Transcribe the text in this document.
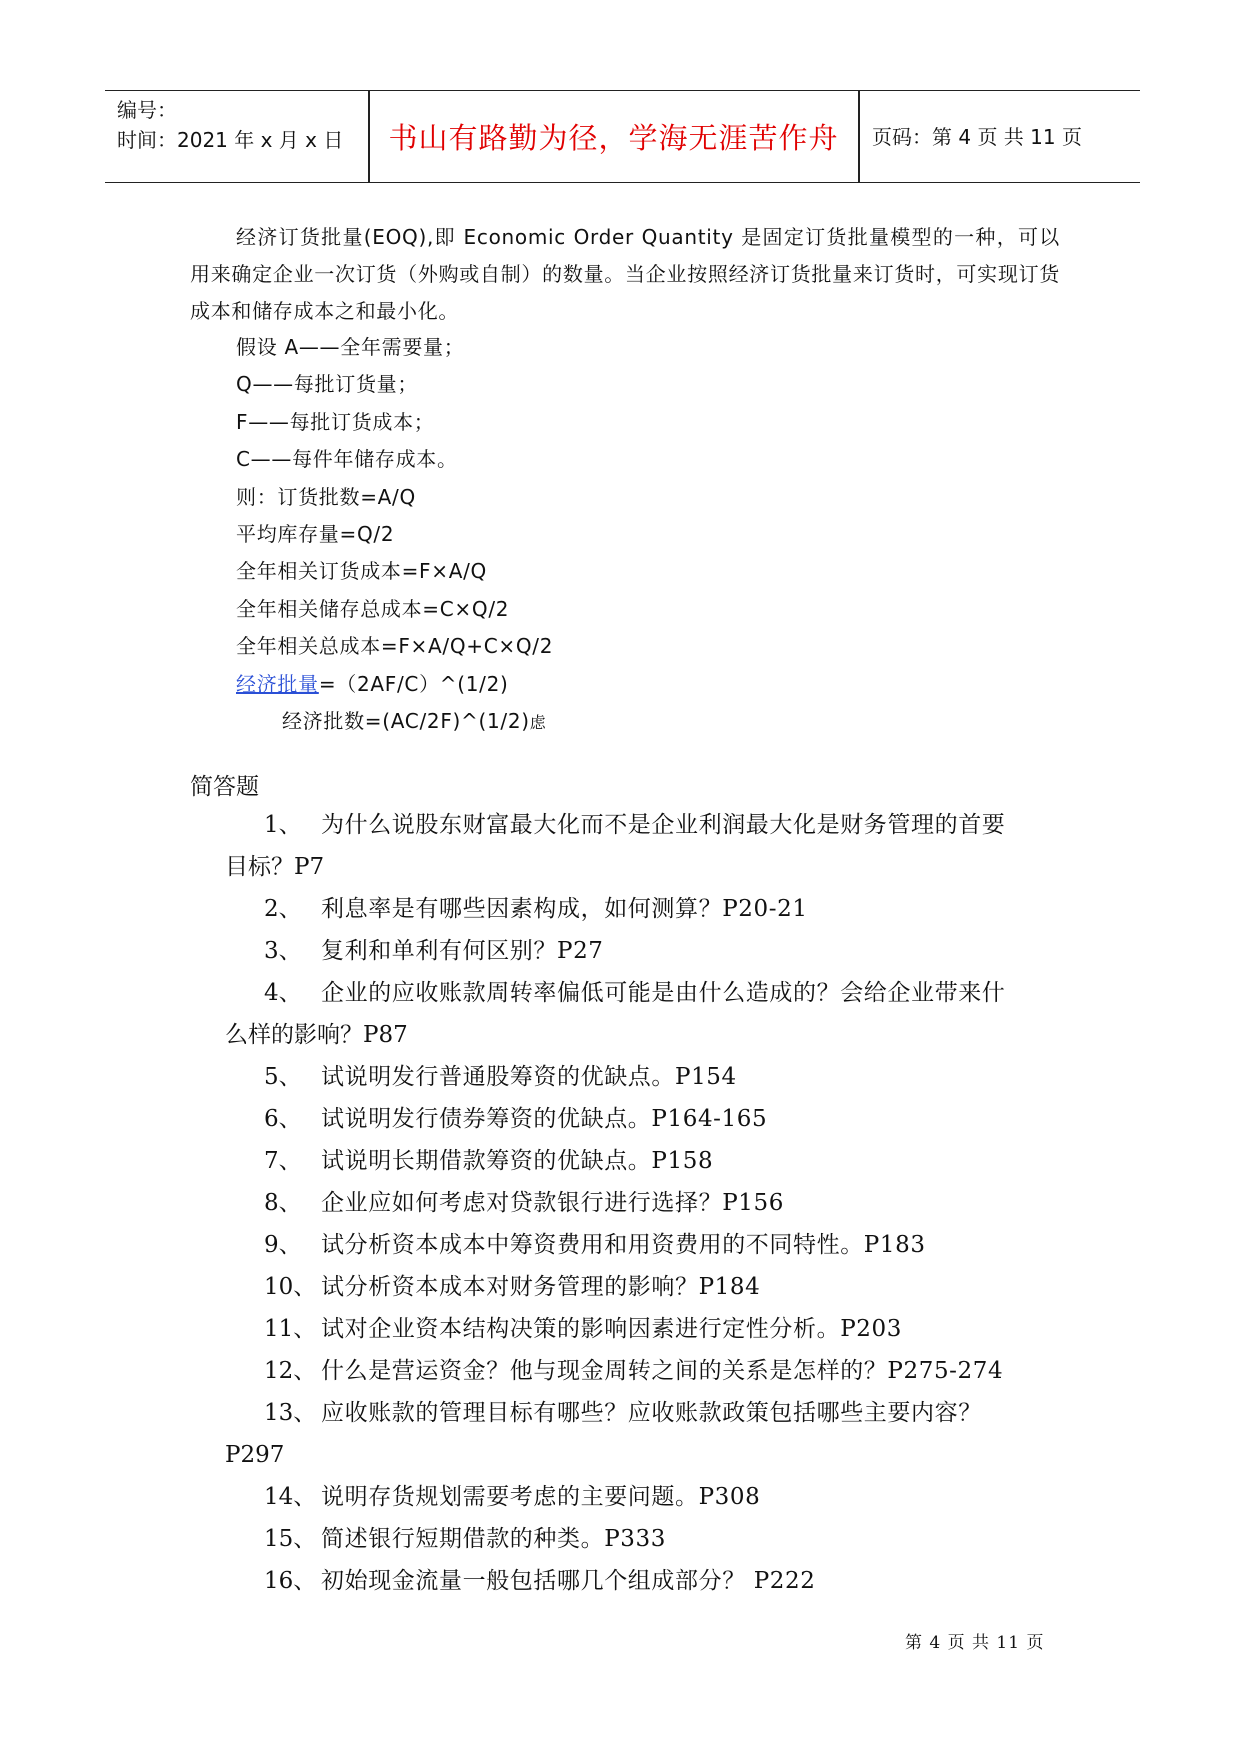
编号：
时间：2021 年 x 月 x 日	书山有路勤为径，学海无涯苦作舟	页码：第 4 页 共 11 页
经济订货批量(EOQ),即 Economic Order Quantity 是固定订货批量模型的一种，可以用来确定企业一次订货（外购或自制）的数量。当企业按照经济订货批量来订货时，可实现订货成本和储存成本之和最小化。
假设 A——全年需要量；
Q——每批订货量；
F——每批订货成本；
C——每件年储存成本。
则：订货批数=A/Q
平均库存量=Q/2
全年相关订货成本=F×A/Q
全年相关储存总成本=C×Q/2
全年相关总成本=F×A/Q+C×Q/2
经济批量=（2AF/C）^(1/2)
经济批数=(AC/2F)^(1/2)虑
简答题
1、 为什么说股东财富最大化而不是企业利润最大化是财务管理的首要
目标？P7
2、 利息率是有哪些因素构成，如何测算？P20-21
3、 复利和单利有何区别？P27
4、 企业的应收账款周转率偏低可能是由什么造成的？会给企业带来什
么样的影响？P87
5、 试说明发行普通股筹资的优缺点。P154
6、 试说明发行债券筹资的优缺点。P164-165
7、 试说明长期借款筹资的优缺点。P158
8、 企业应如何考虑对贷款银行进行选择？P156
9、 试分析资本成本中筹资费用和用资费用的不同特性。P183
10、 试分析资本成本对财务管理的影响？P184
11、 试对企业资本结构决策的影响因素进行定性分析。P203
12、 什么是营运资金？他与现金周转之间的关系是怎样的？P275-274
13、 应收账款的管理目标有哪些？应收账款政策包括哪些主要内容？
P297
14、 说明存货规划需要考虑的主要问题。P308
15、 简述银行短期借款的种类。P333
16、 初始现金流量一般包括哪几个组成部分？ P222
第 4 页 共 11 页
